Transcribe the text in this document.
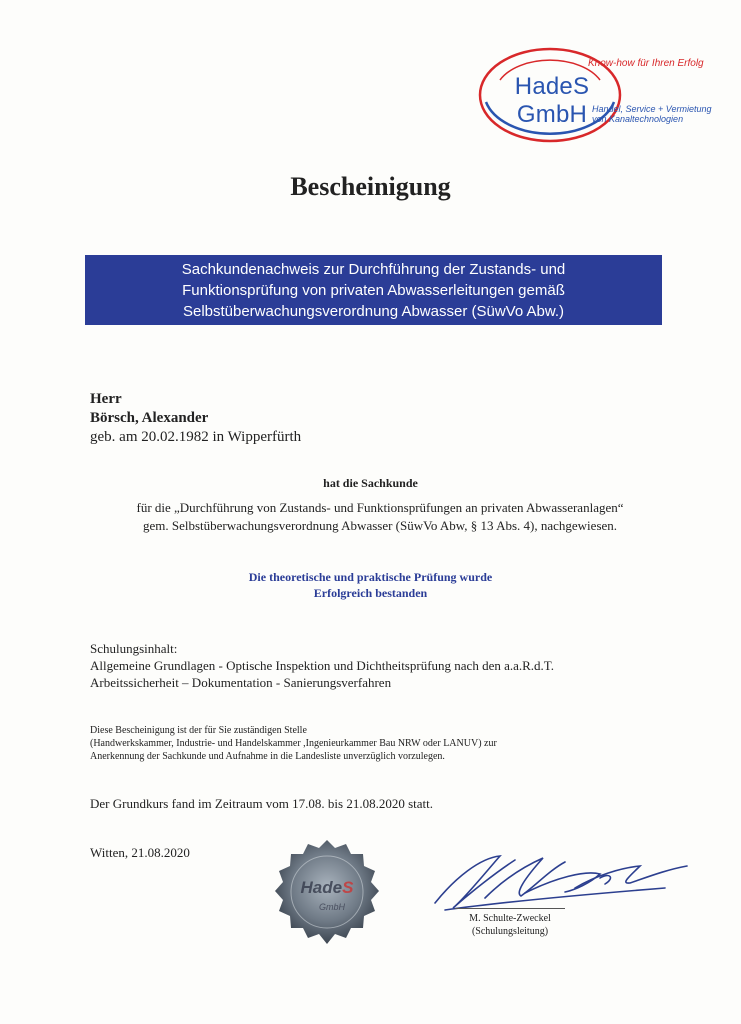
Know-how für Ihren Erfolg
HadeS GmbH Handel, Service + Vermietung
von Kanaltechnologien
Bescheinigung
Sachkundenachweis zur Durchführung der Zustands- und
Funktionsprüfung von privaten Abwasserleitungen gemäß
Selbstüberwachungsverordnung Abwasser (SüwVo Abw.)
Herr
Börsch, Alexander
geb. am 20.02.1982 in Wipperfürth
hat die Sachkunde
für die „Durchführung von Zustands- und Funktionsprüfungen an privaten Abwasseranlagen“
gem. Selbstüberwachungsverordnung Abwasser (SüwVo Abw, § 13 Abs. 4), nachgewiesen.
Die theoretische und praktische Prüfung wurde
Erfolgreich bestanden
Schulungsinhalt:
Allgemeine Grundlagen - Optische Inspektion und Dichtheitsprüfung nach den a.a.R.d.T.
Arbeitssicherheit – Dokumentation - Sanierungsverfahren
Diese Bescheinigung ist der für Sie zuständigen Stelle
(Handwerkskammer, Industrie- und Handelskammer ,Ingenieurkammer Bau NRW oder LANUV) zur
Anerkennung der Sachkunde und Aufnahme in die Landesliste unverzüglich vorzulegen.
Der Grundkurs fand im Zeitraum vom 17.08. bis 21.08.2020 statt.
Witten, 21.08.2020
HadeS
GmbH
M. Schulte-Zweckel
(Schulungsleitung)
